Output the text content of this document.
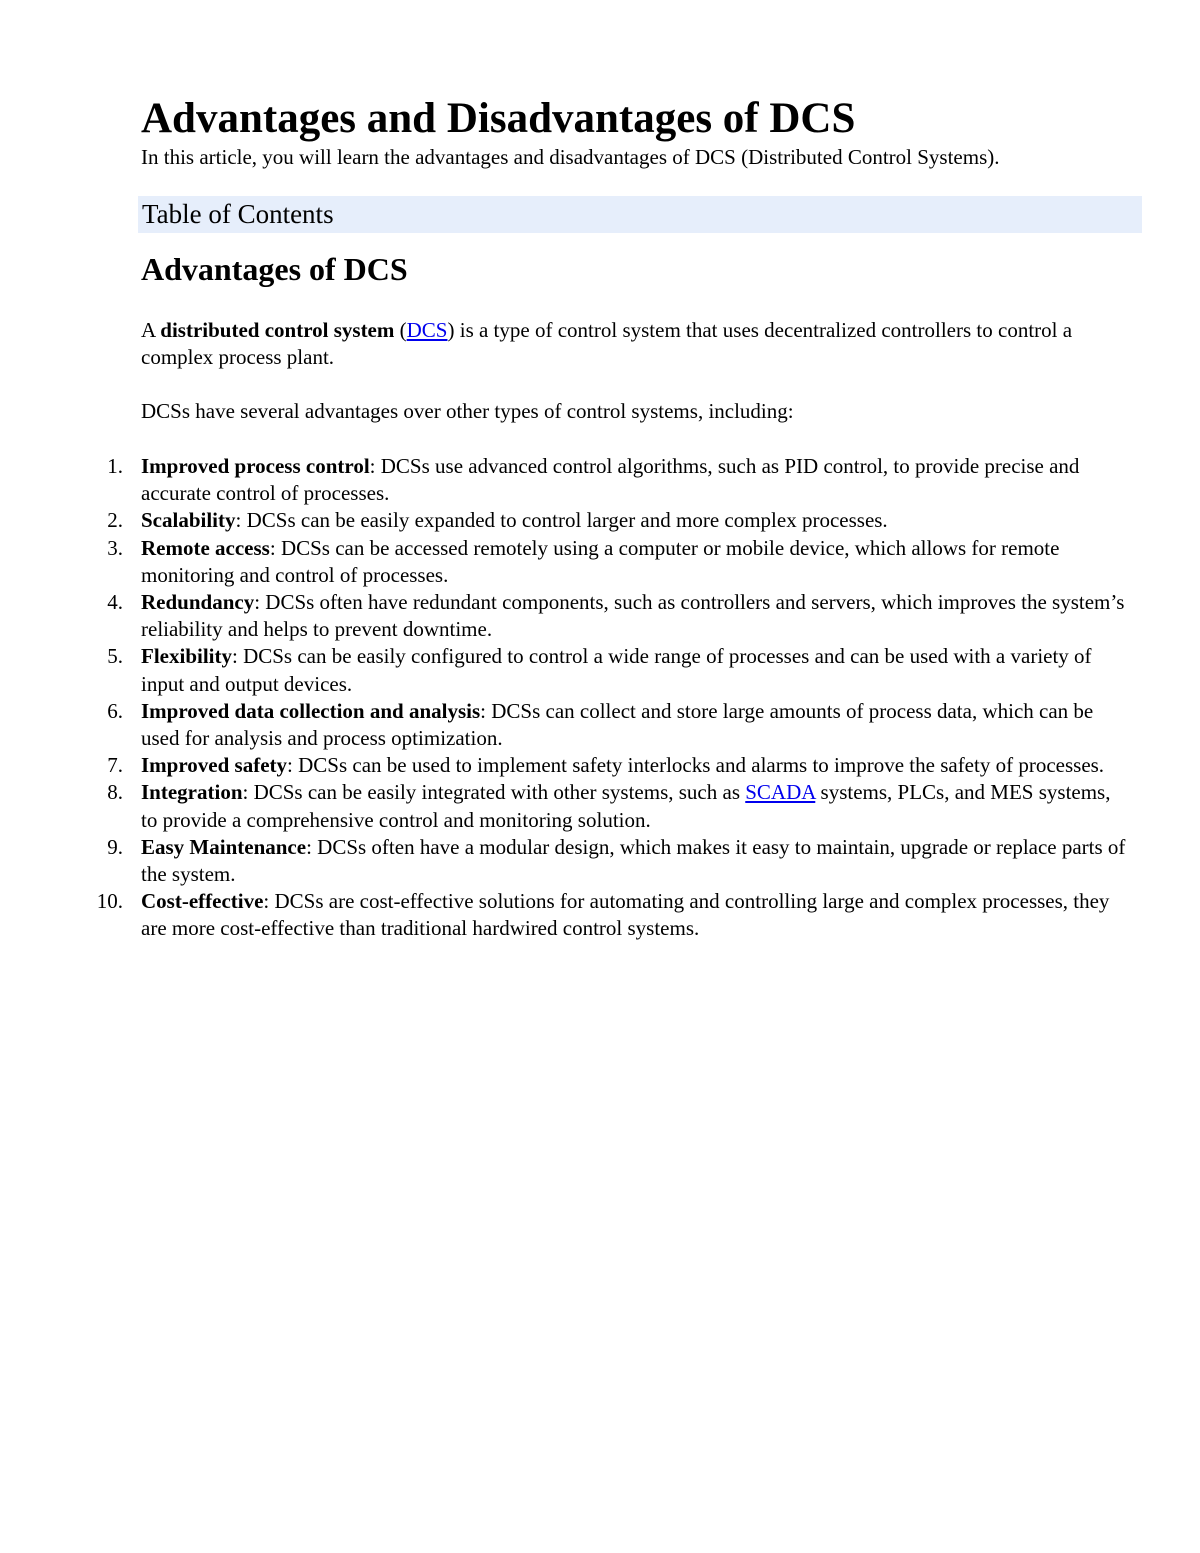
Advantages and Disadvantages of DCS

In this article, you will learn the advantages and disadvantages of DCS (Distributed Control Systems).

Table of Contents
Advantages of DCS

A distributed control system (DCS) is a type of control system that uses decentralized controllers to control a complex process plant.

DCSs have several advantages over other types of control systems, including:

1. Improved process control: DCSs use advanced control algorithms, such as PID control, to provide precise and accurate control of processes.
2. Scalability: DCSs can be easily expanded to control larger and more complex processes.
3. Remote access: DCSs can be accessed remotely using a computer or mobile device, which allows for remote monitoring and control of processes.
4. Redundancy: DCSs often have redundant components, such as controllers and servers, which improves the system’s reliability and helps to prevent downtime.
5. Flexibility: DCSs can be easily configured to control a wide range of processes and can be used with a variety of input and output devices.
6. Improved data collection and analysis: DCSs can collect and store large amounts of process data, which can be used for analysis and process optimization.
7. Improved safety: DCSs can be used to implement safety interlocks and alarms to improve the safety of processes.
8. Integration: DCSs can be easily integrated with other systems, such as SCADA systems, PLCs, and MES systems, to provide a comprehensive control and monitoring solution.
9. Easy Maintenance: DCSs often have a modular design, which makes it easy to maintain, upgrade or replace parts of the system.
10. Cost-effective: DCSs are cost-effective solutions for automating and controlling large and complex processes, they are more cost-effective than traditional hardwired control systems.
